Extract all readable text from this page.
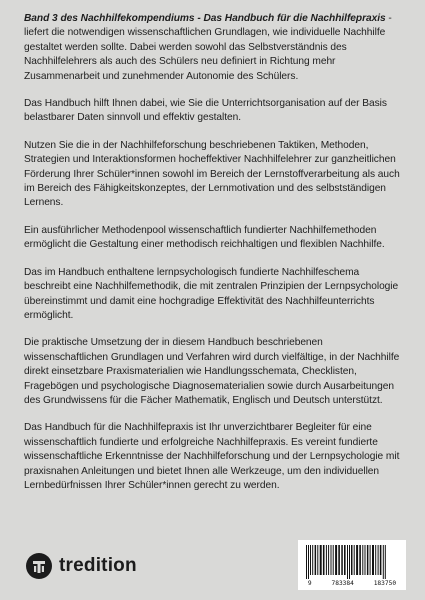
Band 3 des Nachhilfekompendiums - Das Handbuch für die Nachhilfepraxis - liefert die notwendigen wissenschaftlichen Grundlagen, wie individuelle Nachhilfe gestaltet werden sollte. Dabei werden sowohl das Selbstverständnis des Nachhilfelehrers als auch des Schülers neu definiert in Richtung mehr Zusammenarbeit und zunehmender Autonomie des Schülers.

Das Handbuch hilft Ihnen dabei, wie Sie die Unterrichtsorganisation auf der Basis belastbarer Daten sinnvoll und effektiv gestalten.

Nutzen Sie die in der Nachhilfeforschung beschriebenen Taktiken, Methoden, Strategien und Interaktionsformen hocheffektiver Nachhilfelehrer zur ganzheitlichen Förderung Ihrer Schüler*innen sowohl im Bereich der Lernstoffverarbeitung als auch im Bereich des Fähigkeitskonzeptes, der Lernmotivation und des selbstständigen Lernens.

Ein ausführlicher Methodenpool wissenschaftlich fundierter Nachhilfemethoden ermöglicht die Gestaltung einer methodisch reichhaltigen und flexiblen Nachhilfe.

Das im Handbuch enthaltene lernpsychologisch fundierte Nachhilfeschema beschreibt eine Nachhilfemethodik, die mit zentralen Prinzipien der Lernpsychologie übereinstimmt und damit eine hochgradige Effektivität des Nachhilfeunterrichts ermöglicht.

Die praktische Umsetzung der in diesem Handbuch beschriebenen wissenschaftlichen Grundlagen und Verfahren wird durch vielfältige, in der Nachhilfe direkt einsetzbare Praxismaterialien wie Handlungsschemata, Checklisten, Fragebögen und psychologische Diagnosematerialien sowie durch Ausarbeitungen des Grundwissens für die Fächer Mathematik, Englisch und Deutsch unterstützt.

Das Handbuch für die Nachhilfepraxis ist Ihr unverzichtbarer Begleiter für eine wissenschaftlich fundierte und erfolgreiche Nachhilfepraxis. Es vereint fundierte wissenschaftliche Erkenntnisse der Nachhilfeforschung und der Lernpsychologie mit praxisnahen Anleitungen und bietet Ihnen alle Werkzeuge, um den individuellen Lernbedürfnissen Ihrer Schüler*innen gerecht zu werden.

tredition
9	783384	183750
